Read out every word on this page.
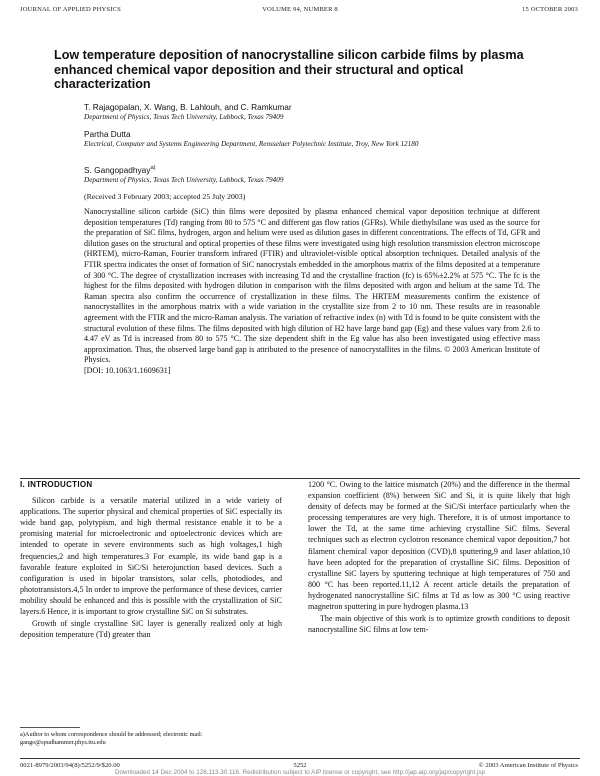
JOURNAL OF APPLIED PHYSICS	VOLUME 94, NUMBER 8	15 OCTOBER 2003
Low temperature deposition of nanocrystalline silicon carbide films by plasma enhanced chemical vapor deposition and their structural and optical characterization
T. Rajagopalan, X. Wang, B. Lahlouh, and C. Ramkumar
Department of Physics, Texas Tech University, Lubbock, Texas 79409
Partha Dutta
Electrical, Computer and Systems Engineering Department, Rensselaer Polytechnic Institute, Troy, New York 12180
S. Gangopadhyay$^{a)}$
Department of Physics, Texas Tech University, Lubbock, Texas 79409
(Received 3 February 2003; accepted 25 July 2003)

Nanocrystalline silicon carbide (SiC) thin films were deposited by plasma enhanced chemical vapor deposition technique at different deposition temperatures (Td) ranging from 80 to 575 °C and different gas flow ratios (GFRs). While diethylsilane was used as the source for the preparation of SiC films, hydrogen, argon and helium were used as dilution gases in different concentrations. The effects of Td, GFR and dilution gases on the structural and optical properties of these films were investigated using high resolution transmission electron microscope (HRTEM), micro-Raman, Fourier transform infrared (FTIR) and ultraviolet-visible optical absorption techniques. Detailed analysis of the FTIR spectra indicates the onset of formation of SiC nanocrystals embedded in the amorphous matrix of the films deposited at a temperature of 300 °C. The degree of crystallization increases with increasing Td and the crystalline fraction (fc) is 65%±2.2% at 575 °C. The fc is the highest for the films deposited with hydrogen dilution in comparison with the films deposited with argon and helium at the same Td. The Raman spectra also confirm the occurrence of crystallization in these films. The HRTEM measurements confirm the existence of nanocrystallites in the amorphous matrix with a wide variation in the crystallite size from 2 to 10 nm. These results are in reasonable agreement with the FTIR and the micro-Raman analysis. The variation of refractive index (n) with Td is found to be quite consistent with the structural evolution of these films. The films deposited with high dilution of H2 have large band gap (Eg) and these values vary from 2.6 to 4.47 eV as Td is increased from 80 to 575 °C. The size dependent shift in the Eg value has also been investigated using effective mass approximation. Thus, the observed large band gap is attributed to the presence of nanocrystallites in the films. © 2003 American Institute of Physics.
[DOI: 10.1063/1.1609631]

I. INTRODUCTION

Silicon carbide is a versatile material utilized in a wide variety of applications. The superior physical and chemical properties of SiC especially its wide band gap, polytypism, and high thermal resistance enable it to be a promising material for microelectronic and optoelectronic devices which are intended to operate in severe environments such as high voltages,1 high frequencies,2 and high temperatures.3 For example, its wide band gap is a favorable feature exploited in SiC/Si heterojunction based devices. Such a configuration is used in bipolar transistors, solar cells, photodiodes, and phototransistors.4,5 In order to improve the performance of these devices, carrier mobility should be enhanced and this is possible with the crystallization of SiC layers.6 Hence, it is important to grow crystalline SiC on Si substrates.

Growth of single crystalline SiC layer is generally realized only at high deposition temperature (Td) greater than

1200 °C. Owing to the lattice mismatch (20%) and the difference in the thermal expansion coefficient (8%) between SiC and Si, it is quite likely that high density of defects may be formed at the SiC/Si interface particularly when the processing temperatures are very high. Therefore, it is of utmost importance to lower the Td, at the same time achieving crystalline SiC films. Several techniques such as electron cyclotron resonance chemical vapor deposition,7 hot filament chemical vapor deposition (CVD),8 sputtering,9 and laser ablation,10 have been adopted for the preparation of crystalline SiC films. Deposition of crystalline SiC layers by sputtering technique at high temperatures of 750 and 800 °C has been reported.11,12 A recent article details the preparation of hydrogenated nanocrystalline SiC films at Td as low as 300 °C using reactive magnetron sputtering in pure hydrogen plasma.13

The main objective of this work is to optimize growth conditions to deposit nanocrystalline SiC films at low tem-

a)Author to whom correspondence should be addressed; electronic mail: gango@spudhammer.phys.ttu.edu
0021-8979/2003/94(8)/5252/9/$20.00	5252	© 2003 American Institute of Physics
Downloaded 14 Dec 2004 to 128.113.30.116. Redistribution subject to AIP license or copyright, see http://jap.aip.org/jap/copyright.jsp
